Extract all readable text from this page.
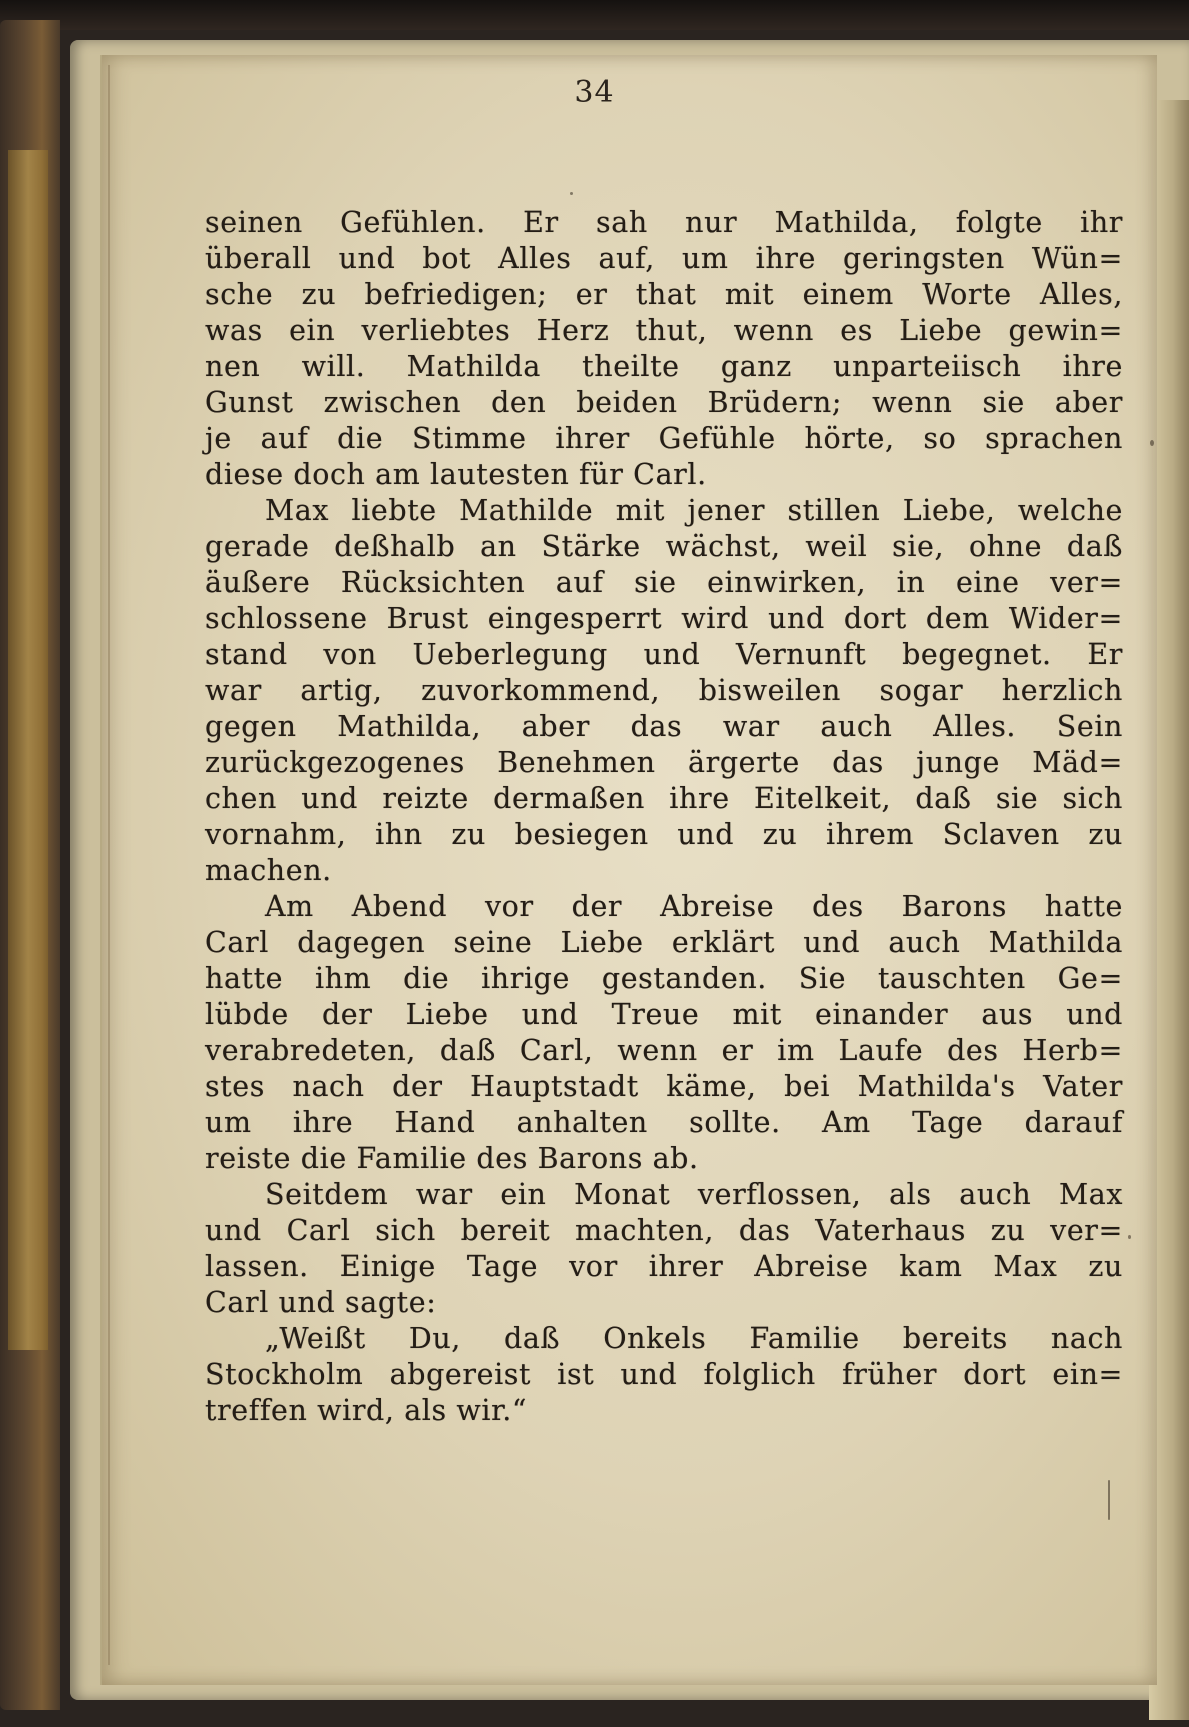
34
seinen Gefühlen. Er sah nur Mathilda, folgte ihr
überall und bot Alles auf, um ihre geringsten Wün=
sche zu befriedigen; er that mit einem Worte Alles,
was ein verliebtes Herz thut, wenn es Liebe gewin=
nen will. Mathilda theilte ganz unparteiisch ihre
Gunst zwischen den beiden Brüdern; wenn sie aber
je auf die Stimme ihrer Gefühle hörte, so sprachen
diese doch am lautesten für Carl.
Max liebte Mathilde mit jener stillen Liebe, welche
gerade deßhalb an Stärke wächst, weil sie, ohne daß
äußere Rücksichten auf sie einwirken, in eine ver=
schlossene Brust eingesperrt wird und dort dem Wider=
stand von Ueberlegung und Vernunft begegnet. Er
war artig, zuvorkommend, bisweilen sogar herzlich
gegen Mathilda, aber das war auch Alles. Sein
zurückgezogenes Benehmen ärgerte das junge Mäd=
chen und reizte dermaßen ihre Eitelkeit, daß sie sich
vornahm, ihn zu besiegen und zu ihrem Sclaven zu
machen.
Am Abend vor der Abreise des Barons hatte
Carl dagegen seine Liebe erklärt und auch Mathilda
hatte ihm die ihrige gestanden. Sie tauschten Ge=
lübde der Liebe und Treue mit einander aus und
verabredeten, daß Carl, wenn er im Laufe des Herb=
stes nach der Hauptstadt käme, bei Mathilda's Vater
um ihre Hand anhalten sollte. Am Tage darauf
reiste die Familie des Barons ab.
Seitdem war ein Monat verflossen, als auch Max
und Carl sich bereit machten, das Vaterhaus zu ver=
lassen. Einige Tage vor ihrer Abreise kam Max zu
Carl und sagte:
„Weißt Du, daß Onkels Familie bereits nach
Stockholm abgereist ist und folglich früher dort ein=
treffen wird, als wir.“
